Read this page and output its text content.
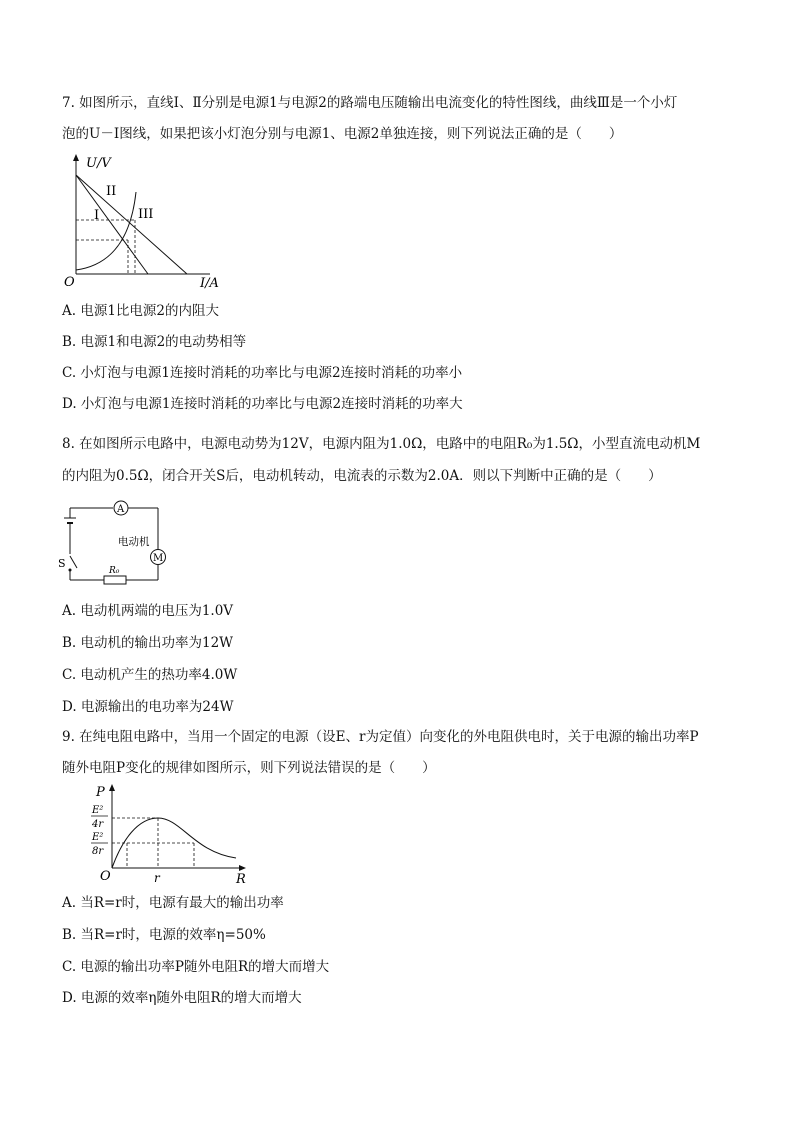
7. 如图所示，直线Ⅰ、Ⅱ分别是电源1与电源2的路端电压随输出电流变化的特性图线，曲线Ⅲ是一个小灯
泡的U－I图线，如果把该小灯泡分别与电源1、电源2单独连接，则下列说法正确的是（　　）
U/V
I/A
O
I
II
III
A. 电源1比电源2的内阻大
B. 电源1和电源2的电动势相等
C. 小灯泡与电源1连接时消耗的功率比与电源2连接时消耗的功率小
D. 小灯泡与电源1连接时消耗的功率比与电源2连接时消耗的功率大
8. 在如图所示电路中，电源电动势为12V，电源内阻为1.0Ω，电路中的电阻R₀为1.5Ω，小型直流电动机M
的内阻为0.5Ω，闭合开关S后，电动机转动，电流表的示数为2.0A．则以下判断中正确的是（　　）
A
M
电动机
R₀
S
A. 电动机两端的电压为1.0V
B. 电动机的输出功率为12W
C. 电动机产生的热功率4.0W
D. 电源输出的电功率为24W
9. 在纯电阻电路中，当用一个固定的电源（设E、r为定值）向变化的外电阻供电时，关于电源的输出功率P
随外电阻P变化的规律如图所示，则下列说法错误的是（　　）
P
R
O	r
E²
4r
E²
8r
A. 当R=r时，电源有最大的输出功率
B. 当R=r时，电源的效率η=50%
C. 电源的输出功率P随外电阻R的增大而增大
D. 电源的效率η随外电阻R的增大而增大
